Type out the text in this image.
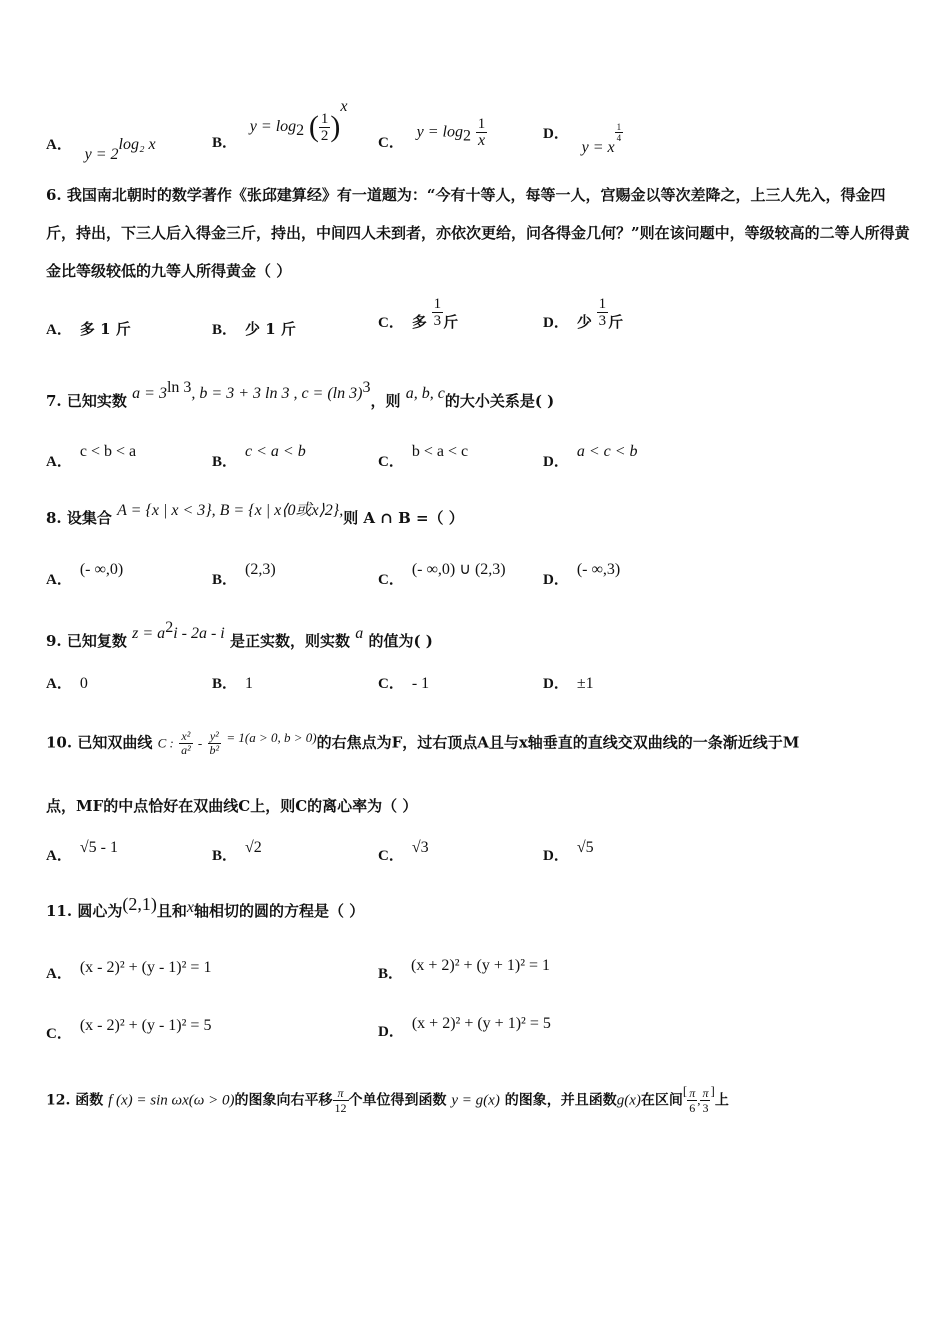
A． $y = 2^{log_2 x}$	B． $y = \log_2$ ( $\frac{1}{2} )^x$
C． $y = \log_2 \frac{1}{x}$	D． y = x
$\frac{1}{4}$
6. 我国南北朝时的数学著作《张邱建算经》有一道题为：“今有十等人，每等一人，宫赐金以等次差降之，上三人先入，得金四斤，持出，下三人后入得金三斤，持出，中间四人未到者，亦依次更给，问各得金几何？”则在该问题中，等级较高的二等人所得黄金比等级较低的九等人所得黄金（ ）
A． 多 1 斤	B． 少 1 斤	C． 多 $\frac{1}{3}$ 斤	D． 少 $\frac{1}{3}$ 斤
7. 已知实数 $a = 3^{ln 3}$, b = 3 + 3 ln 3 , c = (ln 3)$^3$，则 a, b, c的大小关系是( )
A．c < b < a
B．c < a < b
C．b < a < c
D．a < c < b
8. 设集合 A = {x | x < 3}, B = {x | x⟨0或x⟩2},则 A ∩ B =（ ）
A．(- ∞,0)
B．(2,3)
C．(- ∞,0) ∪ (2,3)
D．(- ∞,3)
9. 已知复数 $z = a^2i - 2a - i$ 是正实数，则实数 a 的值为( )
A． 0	B． 1	C． - 1	D． ±1
10. 已知双曲线 C : $\frac{\text{x²}}{\text{a²}} - \frac{\text{y²}}{\text{b²}} = 1(a > 0$, b > 0)的右焦点为F，过右顶点A且与x轴垂直的直线交双曲线的一条渐近线于M
点，MF的中点恰好在双曲线C上，则C的离心率为（ ）
A． √5 - 1	B． √2	C． √3	D． √5
11. 圆心为(2,1)且和x轴相切的圆的方程是（ ）
A． (x - 2)² + (y - 1)² = 1	B． (x + 2)² + (y + 1)² = 1
C． (x - 2)² + (y - 1)² = 5	D． (x + 2)² + (y + 1)² = 5
12. 函数 f (x) = sin ωx(ω > 0)的图象向右平移 $\frac{\pi}{12}$ 个单位得到函数 y = g(x) 的图象，并且函数g(x)在区间[ $\frac{\pi}{6}$ , $\frac{\pi}{3}$ ]上
